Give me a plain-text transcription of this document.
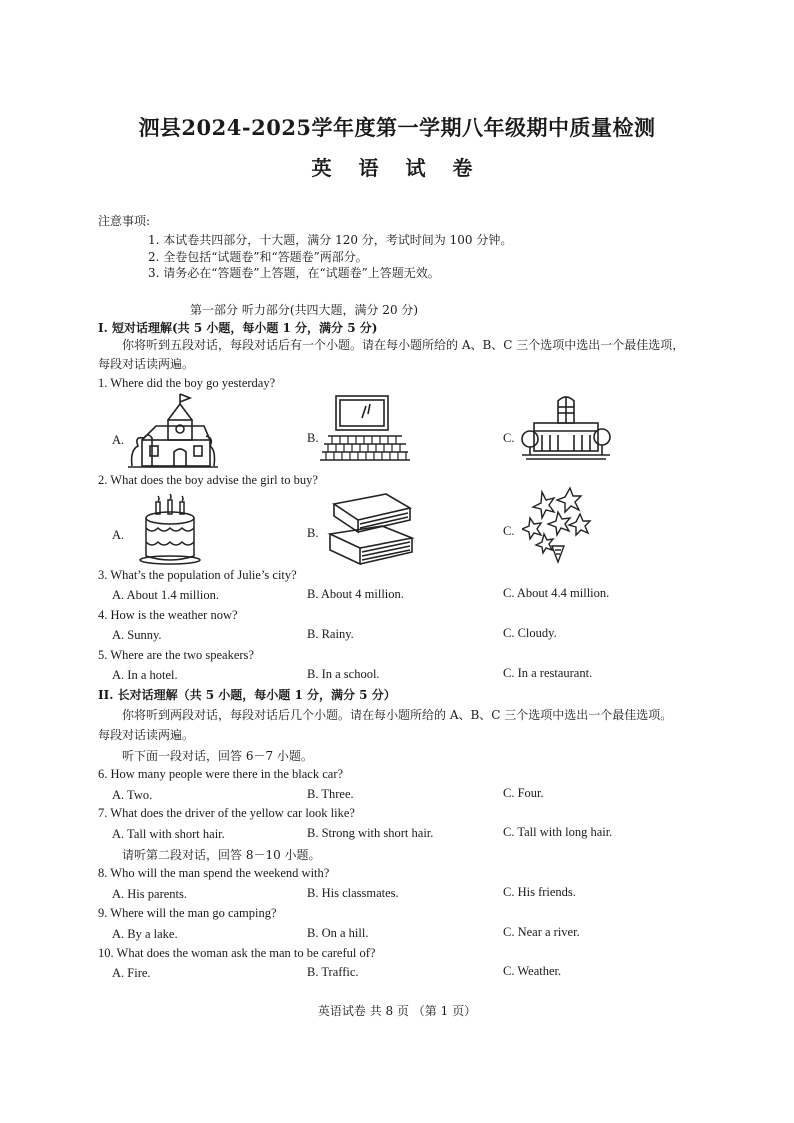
泗县2024-2025学年度第一学期八年级期中质量检测
英 语 试 卷
注意事项:
1. 本试卷共四部分，十大题，满分 120 分，考试时间为 100 分钟。
2. 全卷包括“试题卷”和“答题卷”两部分。
3. 请务必在“答题卷”上答题，在“试题卷”上答题无效。
第一部分 听力部分(共四大题，满分 20 分)
I. 短对话理解(共 5 小题，每小题 1 分，满分 5 分)
你将听到五段对话，每段对话后有一个小题。请在每小题所给的 A、B、C 三个选项中选出一个最佳选项，
每段对话读两遍。
1. Where did the boy go yesterday?
A.	B.	C.
2. What does the boy advise the girl to buy?
A.	B.	C.
3. What’s the population of Julie’s city?
A. About 1.4 million.	B. About 4 million.	C. About 4.4 million.
4. How is the weather now?
A. Sunny.	B. Rainy.	C. Cloudy.
5. Where are the two speakers?
A. In a hotel.	B. In a school.	C. In a restaurant.
II. 长对话理解（共 5 小题，每小题 1 分，满分 5 分）
你将听到两段对话，每段对话后几个小题。请在每小题所给的 A、B、C 三个选项中选出一个最佳选项。
每段对话读两遍。
听下面一段对话，回答 6－7 小题。
6. How many people were there in the black car?
A. Two.	B. Three.	C. Four.
7. What does the driver of the yellow car look like?
A. Tall with short hair.	B. Strong with short hair.	C. Tall with long hair.
请听第二段对话，回答 8－10 小题。
8. Who will the man spend the weekend with?
A. His parents.	B. His classmates.	C. His friends.
9. Where will the man go camping?
A. By a lake.	B. On a hill.	C. Near a river.
10. What does the woman ask the man to be careful of?
A. Fire.	B. Traffic.	C. Weather.
英语试卷 共 8 页 （第 1 页）
